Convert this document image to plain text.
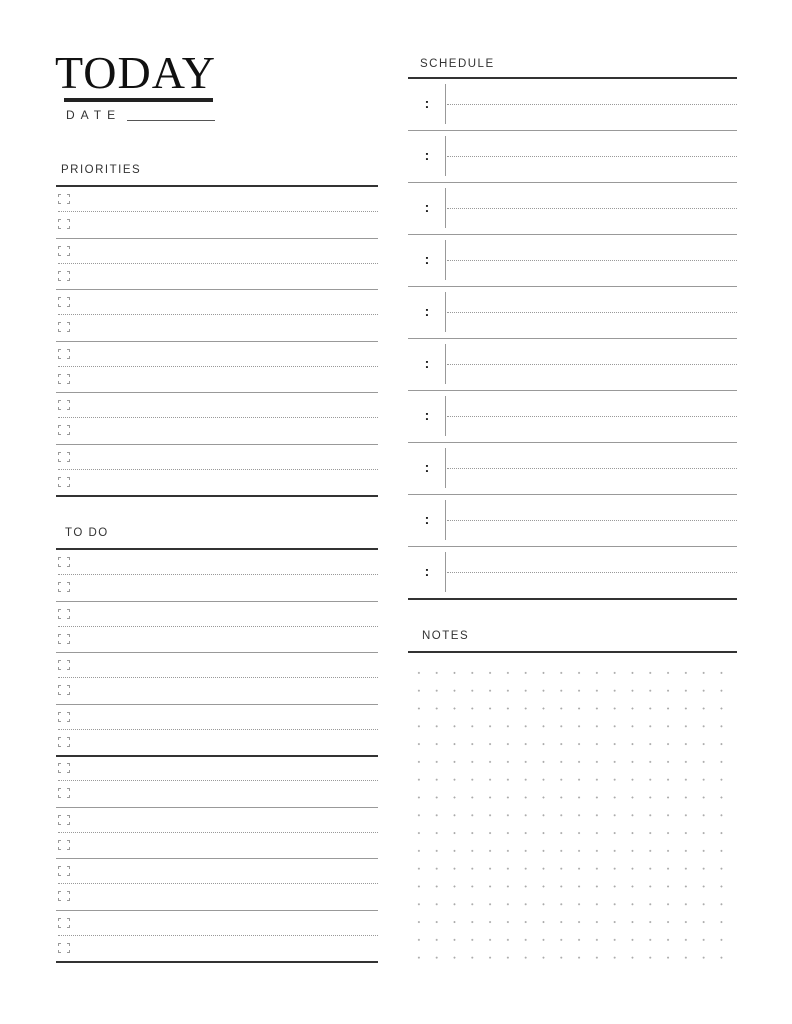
TODAY
DATE
PRIORITIES
TO DO
SCHEDULE
:
:
:
:
:
:
:
:
:
:
NOTES
